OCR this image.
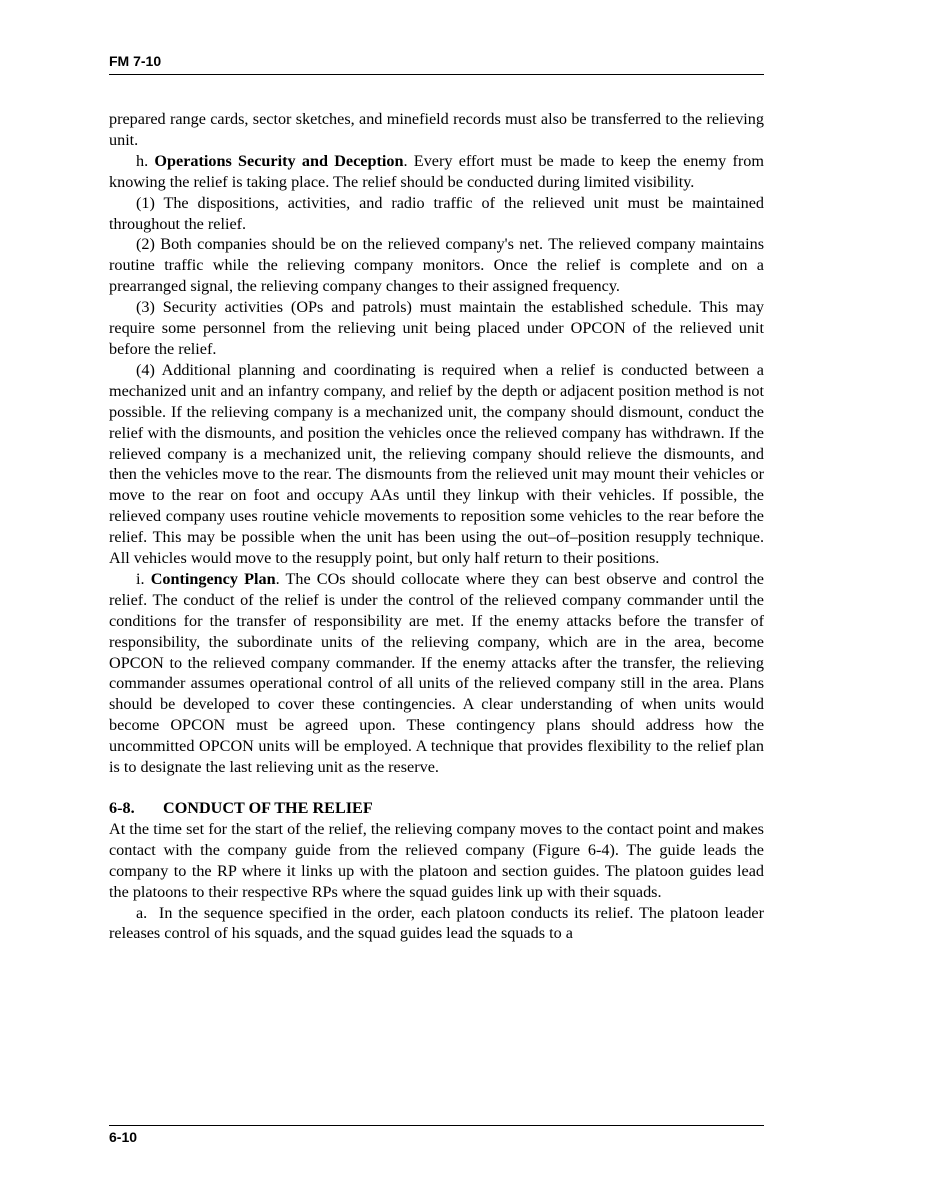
FM 7-10

prepared range cards, sector sketches, and minefield records must also be transferred to the relieving unit.

h. Operations Security and Deception. Every effort must be made to keep the enemy from knowing the relief is taking place. The relief should be conducted during limited visibility.

(1) The dispositions, activities, and radio traffic of the relieved unit must be maintained throughout the relief.

(2) Both companies should be on the relieved company's net. The relieved company maintains routine traffic while the relieving company monitors. Once the relief is complete and on a prearranged signal, the relieving company changes to their assigned frequency.

(3) Security activities (OPs and patrols) must maintain the established schedule. This may require some personnel from the relieving unit being placed under OPCON of the relieved unit before the relief.

(4) Additional planning and coordinating is required when a relief is conducted between a mechanized unit and an infantry company, and relief by the depth or adjacent position method is not possible. If the relieving company is a mechanized unit, the company should dismount, conduct the relief with the dismounts, and position the vehicles once the relieved company has withdrawn. If the relieved company is a mechanized unit, the relieving company should relieve the dismounts, and then the vehicles move to the rear. The dismounts from the relieved unit may mount their vehicles or move to the rear on foot and occupy AAs until they linkup with their vehicles. If possible, the relieved company uses routine vehicle movements to reposition some vehicles to the rear before the relief. This may be possible when the unit has been using the out–of–position resupply technique. All vehicles would move to the resupply point, but only half return to their positions.

i. Contingency Plan. The COs should collocate where they can best observe and control the relief. The conduct of the relief is under the control of the relieved company commander until the conditions for the transfer of responsibility are met. If the enemy attacks before the transfer of responsibility, the subordinate units of the relieving company, which are in the area, become OPCON to the relieved company commander. If the enemy attacks after the transfer, the relieving commander assumes operational control of all units of the relieved company still in the area. Plans should be developed to cover these contingencies. A clear understanding of when units would become OPCON must be agreed upon. These contingency plans should address how the uncommitted OPCON units will be employed. A technique that provides flexibility to the relief plan is to designate the last relieving unit as the reserve.

6-8. CONDUCT OF THE RELIEF

At the time set for the start of the relief, the relieving company moves to the contact point and makes contact with the company guide from the relieved company (Figure 6-4). The guide leads the company to the RP where it links up with the platoon and section guides. The platoon guides lead the platoons to their respective RPs where the squad guides link up with their squads.

a.  In the sequence specified in the order, each platoon conducts its relief. The platoon leader releases control of his squads, and the squad guides lead the squads to a

6-10
